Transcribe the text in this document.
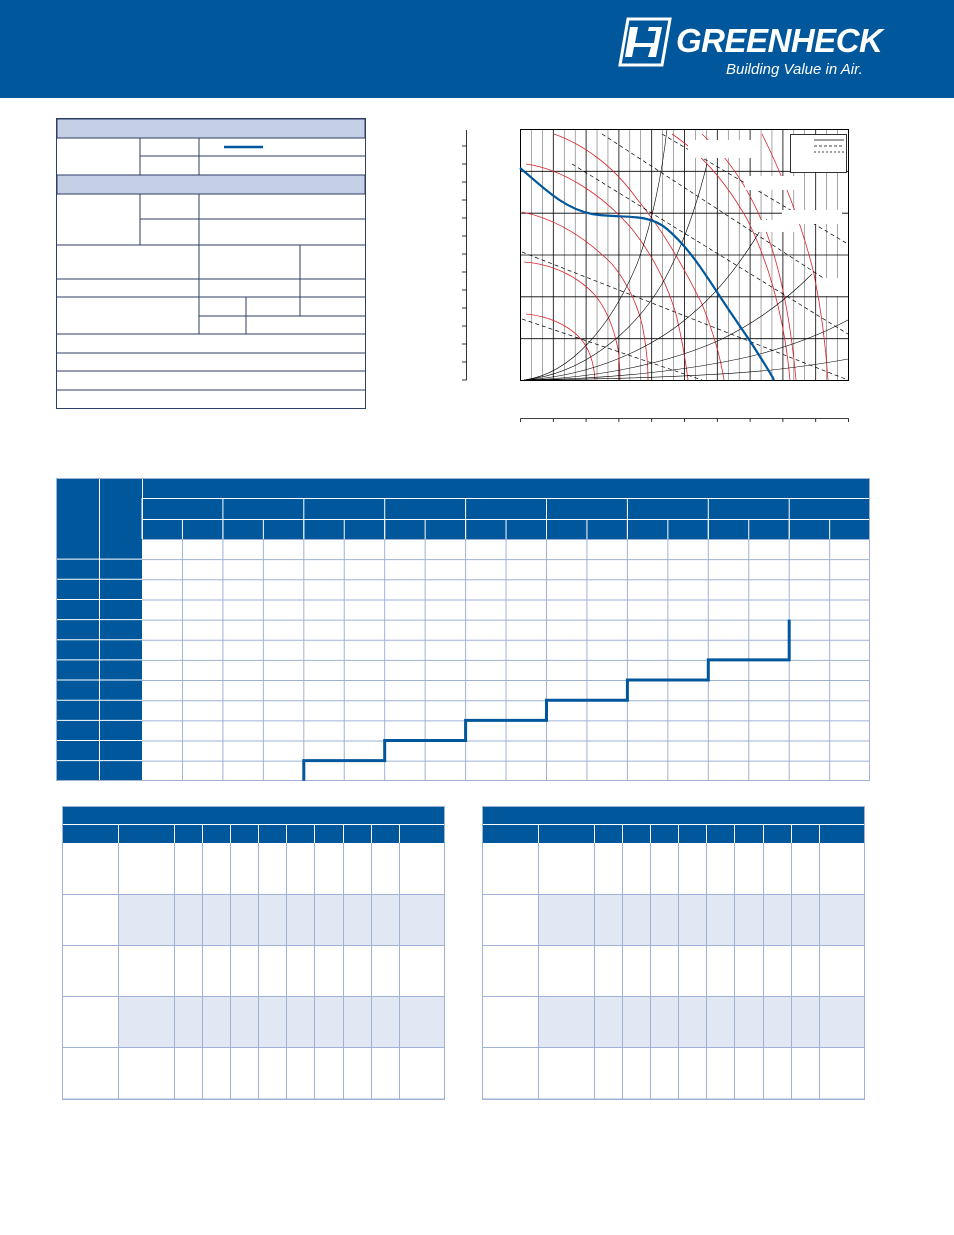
GREENHECK
Building Value in Air.
